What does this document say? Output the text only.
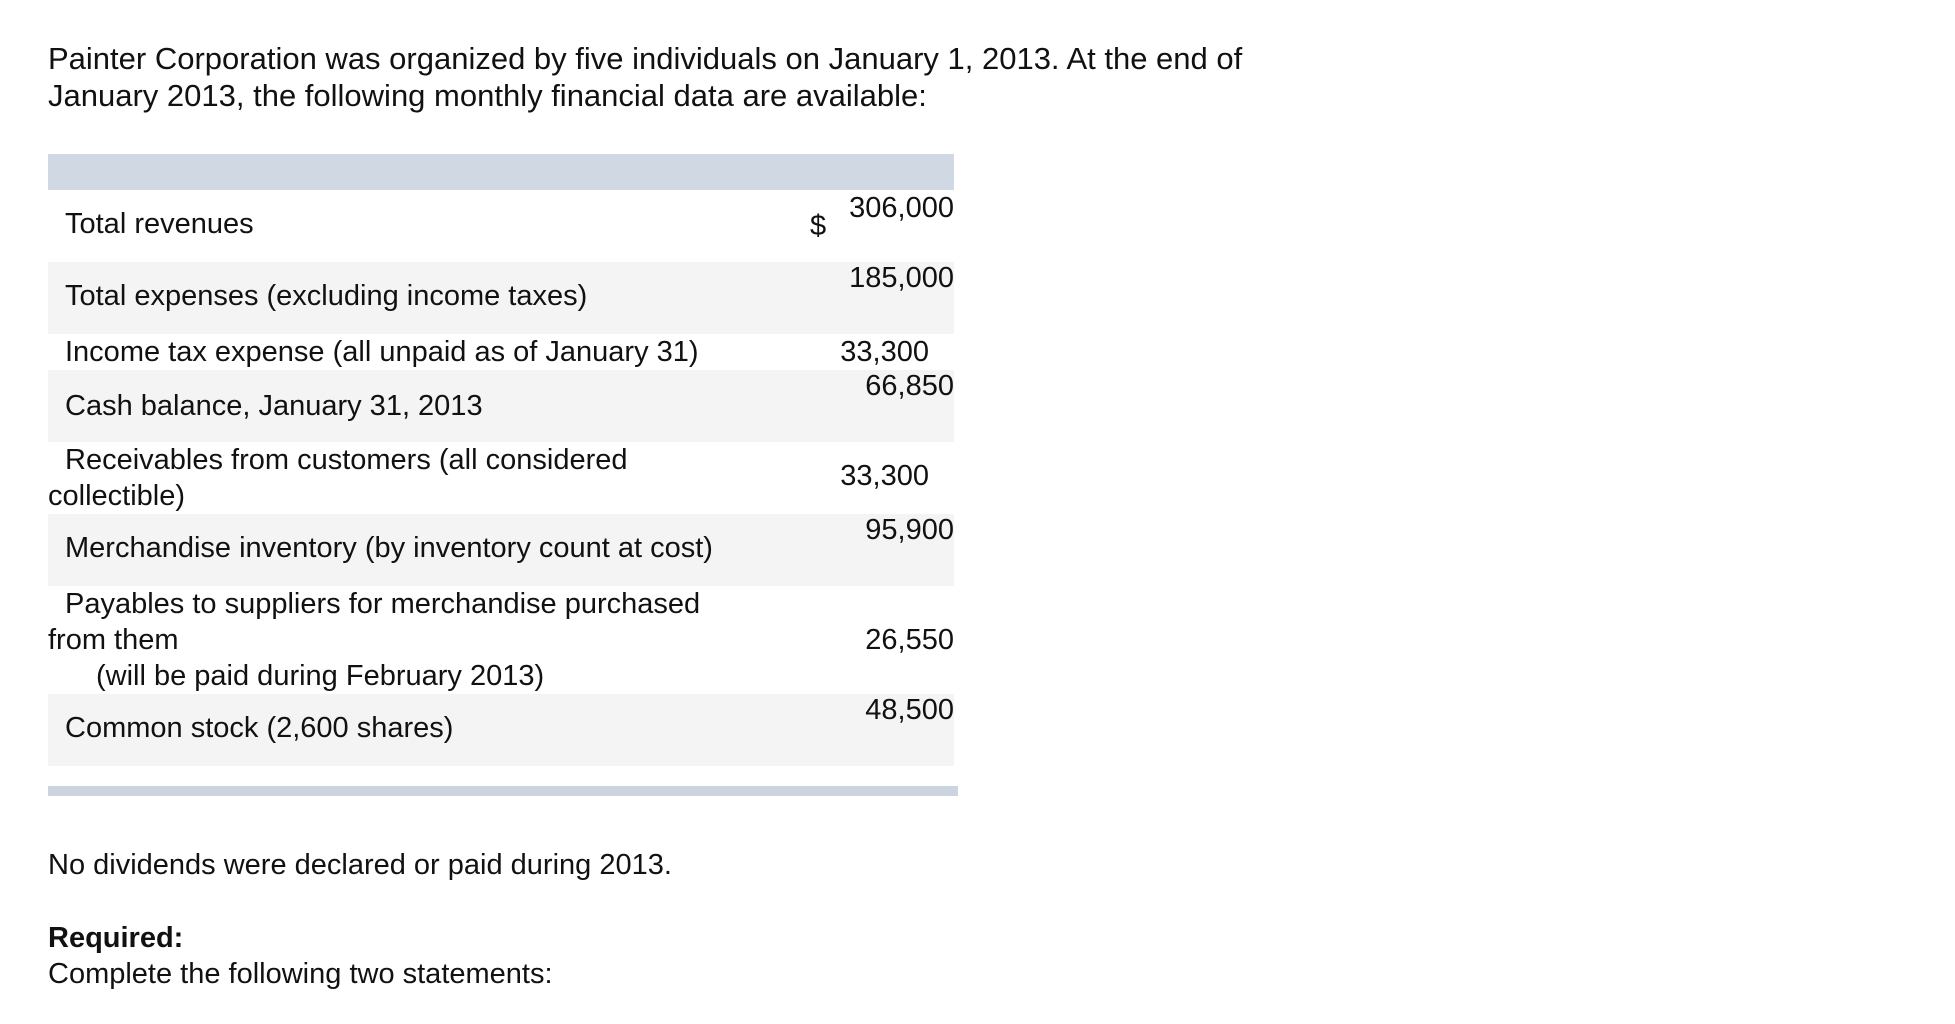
Painter Corporation was organized by five individuals on January 1, 2013. At the end of January 2013, the following monthly financial data are available:

Total revenues	$
306,000
Total expenses (excluding income taxes)
185,000
Income tax expense (all unpaid as of January 31)	33,300
Cash balance, January 31, 2013
66,850
Receivables from customers (all considered
collectible)
33,300
Merchandise inventory (by inventory count at cost)
95,900
Payables to suppliers for merchandise purchased
from them
(will be paid during February 2013)
26,550
Common stock (2,600 shares)
48,500

No dividends were declared or paid during 2013.

Required:
Complete the following two statements:
